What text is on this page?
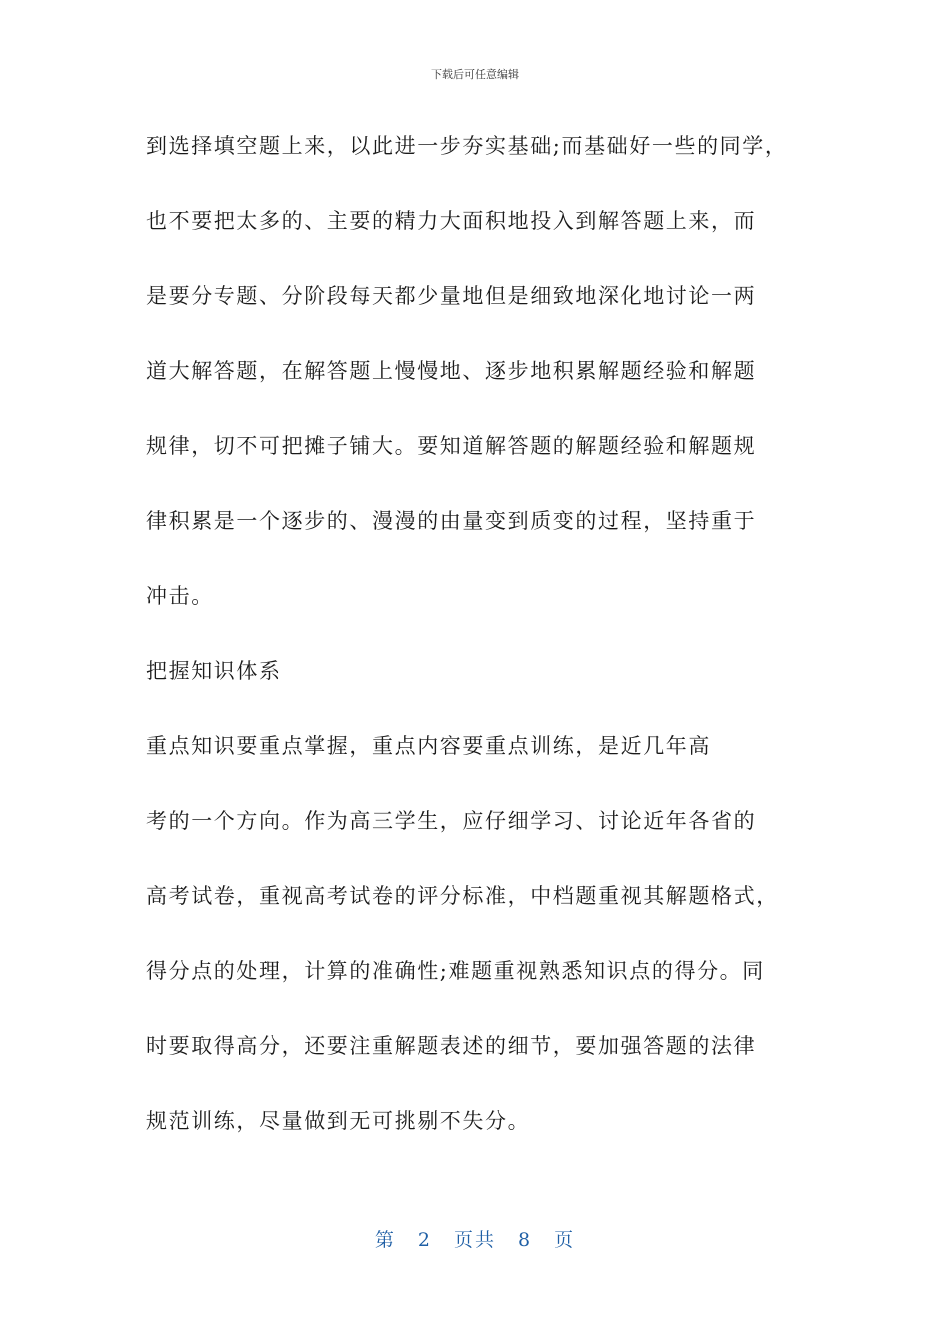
下载后可任意编辑

到选择填空题上来，以此进一步夯实基础;而基础好一些的同学，

也不要把太多的、主要的精力大面积地投入到解答题上来，而

是要分专题、分阶段每天都少量地但是细致地深化地讨论一两

道大解答题，在解答题上慢慢地、逐步地积累解题经验和解题

规律，切不可把摊子铺大。要知道解答题的解题经验和解题规

律积累是一个逐步的、漫漫的由量变到质变的过程，坚持重于

冲击。

把握知识体系

重点知识要重点掌握，重点内容要重点训练，是近几年高

考的一个方向。作为高三学生，应仔细学习、讨论近年各省的

高考试卷，重视高考试卷的评分标准，中档题重视其解题格式，

得分点的处理，计算的准确性;难题重视熟悉知识点的得分。同

时要取得高分，还要注重解题表述的细节，要加强答题的法律

规范训练，尽量做到无可挑剔不失分。

第 2 页共 8 页
